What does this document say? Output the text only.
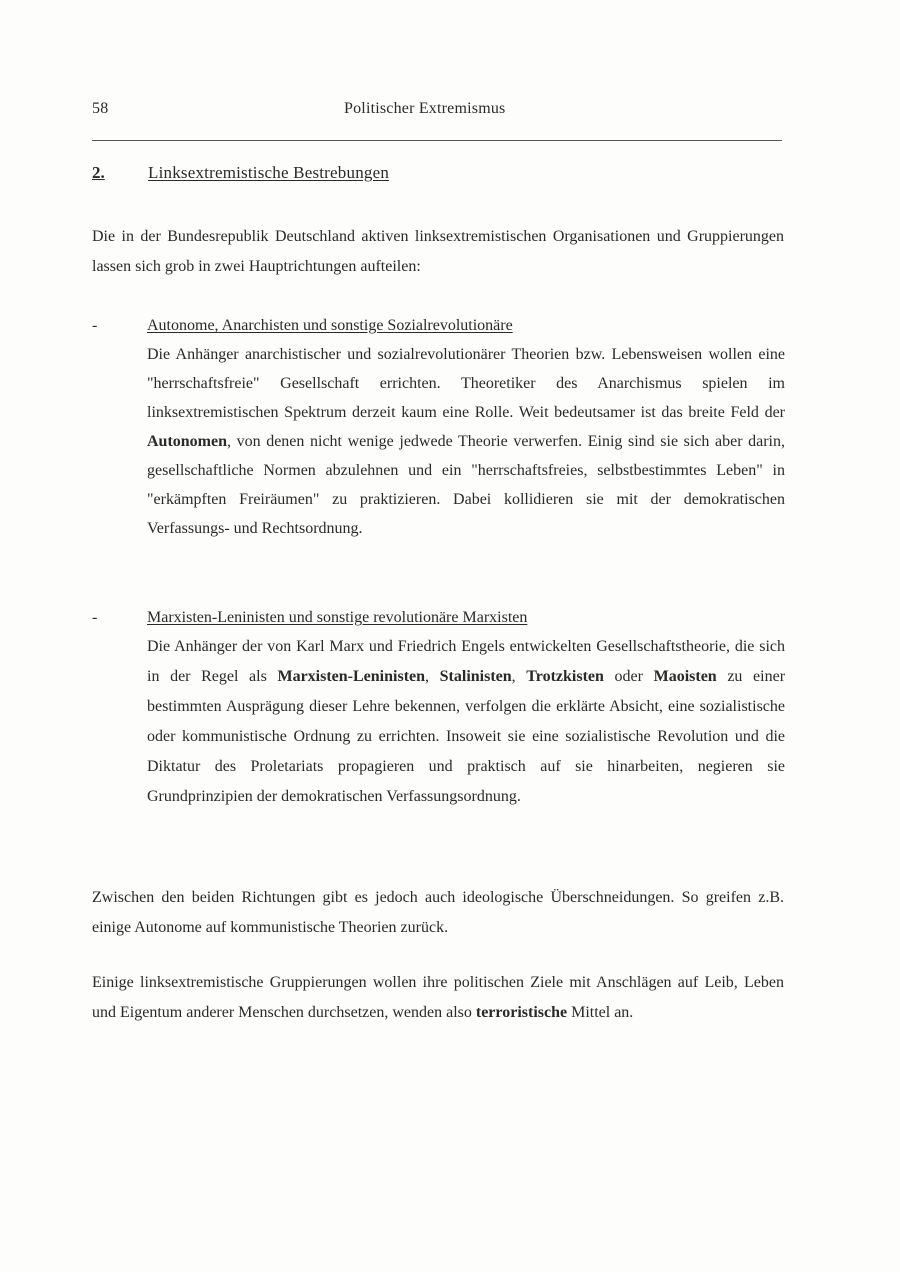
58	Politischer Extremismus
2.	Linksextremistische Bestrebungen

Die in der Bundesrepublik Deutschland aktiven linksextremistischen Organisationen und Gruppierungen lassen sich grob in zwei Hauptrichtungen aufteilen:

-	Autonome, Anarchisten und sonstige Sozialrevolutionäre

Die Anhänger anarchistischer und sozialrevolutionärer Theorien bzw. Lebensweisen wollen eine "herrschaftsfreie" Gesellschaft errichten. Theoretiker des Anarchismus spielen im linksextremistischen Spektrum derzeit kaum eine Rolle. Weit bedeutsamer ist das breite Feld der Autonomen, von denen nicht wenige jedwede Theorie verwerfen. Einig sind sie sich aber darin, gesellschaftliche Normen abzulehnen und ein "herrschaftsfreies, selbstbestimmtes Leben" in "erkämpften Freiräumen" zu praktizieren. Dabei kollidieren sie mit der demokratischen Verfassungs- und Rechtsordnung.

-	Marxisten-Leninisten und sonstige revolutionäre Marxisten

Die Anhänger der von Karl Marx und Friedrich Engels entwickelten Gesellschaftstheorie, die sich in der Regel als Marxisten-Leninisten, Stalinisten, Trotzkisten oder Maoisten zu einer bestimmten Ausprägung dieser Lehre bekennen, verfolgen die erklärte Absicht, eine sozialistische oder kommunistische Ordnung zu errichten. Insoweit sie eine sozialistische Revolution und die Diktatur des Proletariats propagieren und praktisch auf sie hinarbeiten, negieren sie Grundprinzipien der demokratischen Verfassungsordnung.

Zwischen den beiden Richtungen gibt es jedoch auch ideologische Überschneidungen. So greifen z.B. einige Autonome auf kommunistische Theorien zurück.

Einige linksextremistische Gruppierungen wollen ihre politischen Ziele mit Anschlägen auf Leib, Leben und Eigentum anderer Menschen durchsetzen, wenden also terroristische Mittel an.
